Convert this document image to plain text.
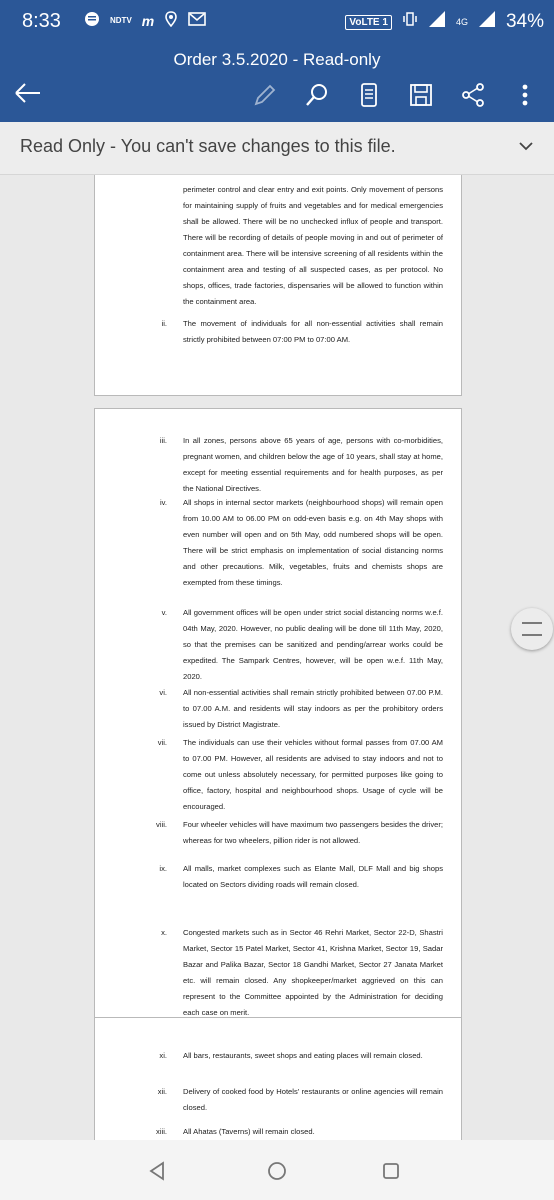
8:33	NDTV m	VoLTE 1	4G 34%
Order 3.5.2020 - Read-only
Read Only - You can't save changes to this file.
perimeter control and clear entry and exit points. Only movement of persons for maintaining supply of fruits and vegetables and for medical emergencies shall be allowed. There will be no unchecked influx of people and transport. There will be recording of details of people moving in and out of perimeter of containment area. There will be intensive screening of all residents within the containment area and testing of all suspected cases, as per protocol. No shops, offices, trade factories, dispensaries will be allowed to function within the containment area.
ii. The movement of individuals for all non-essential activities shall remain strictly prohibited between 07:00 PM to 07:00 AM.
iii. In all zones, persons above 65 years of age, persons with co-morbidities, pregnant women, and children below the age of 10 years, shall stay at home, except for meeting essential requirements and for health purposes, as per the National Directives.
iv. All shops in internal sector markets (neighbourhood shops) will remain open from 10.00 AM to 06.00 PM on odd-even basis e.g. on 4th May shops with even number will open and on 5th May, odd numbered shops will be open. There will be strict emphasis on implementation of social distancing norms and other precautions. Milk, vegetables, fruits and chemists shops are exempted from these timings.
v. All government offices will be open under strict social distancing norms w.e.f. 04th May, 2020. However, no public dealing will be done till 11th May, 2020, so that the premises can be sanitized and pending/arrear works could be expedited. The Sampark Centres, however, will be open w.e.f. 11th May, 2020.
vi. All non-essential activities shall remain strictly prohibited between 07.00 P.M. to 07.00 A.M. and residents will stay indoors as per the prohibitory orders issued by District Magistrate.
vii. The individuals can use their vehicles without formal passes from 07.00 AM to 07.00 PM. However, all residents are advised to stay indoors and not to come out unless absolutely necessary, for permitted purposes like going to office, factory, hospital and neighbourhood shops. Usage of cycle will be encouraged.
viii. Four wheeler vehicles will have maximum two passengers besides the driver; whereas for two wheelers, pillion rider is not allowed.
ix. All malls, market complexes such as Elante Mall, DLF Mall and big shops located on Sectors dividing roads will remain closed.
x. Congested markets such as in Sector 46 Rehri Market, Sector 22-D, Shastri Market, Sector 15 Patel Market, Sector 41, Krishna Market, Sector 19, Sadar Bazar and Palika Bazar, Sector 18 Gandhi Market, Sector 27 Janata Market etc. will remain closed. Any shopkeeper/market aggrieved on this can represent to the Committee appointed by the Administration for deciding each case on merit.
xi. All bars, restaurants, sweet shops and eating places will remain closed.
xii. Delivery of cooked food by Hotels' restaurants or online agencies will remain closed.
xiii. All Ahatas (Taverns) will remain closed.
